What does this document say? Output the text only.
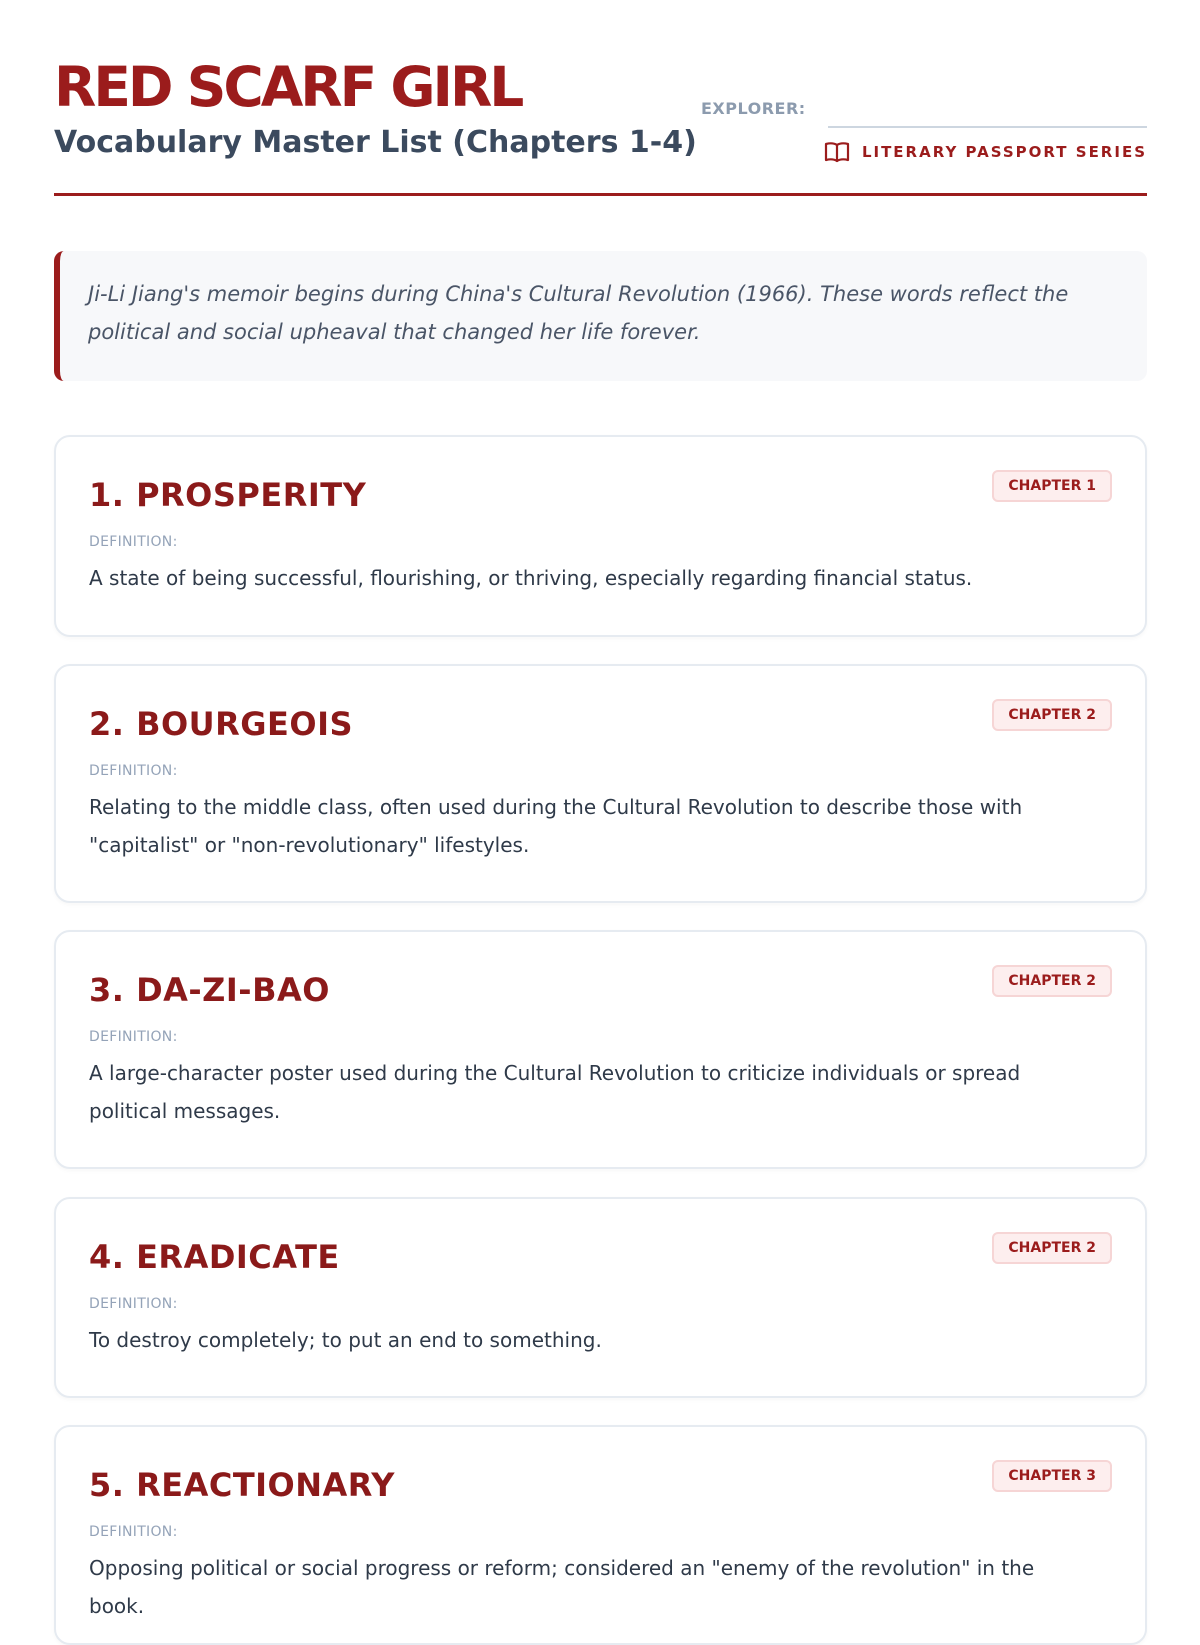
RED SCARF GIRL
Vocabulary Master List (Chapters 1-4)
EXPLORER:
LITERARY PASSPORT SERIES

Ji-Li Jiang's memoir begins during China's Cultural Revolution (1966). These words reflect the political and social upheaval that changed her life forever.

1. PROSPERITY	CHAPTER 1
DEFINITION:

A state of being successful, flourishing, or thriving, especially regarding financial status.

2. BOURGEOIS	CHAPTER 2
DEFINITION:

Relating to the middle class, often used during the Cultural Revolution to describe those with "capitalist" or "non-revolutionary" lifestyles.

3. DA-ZI-BAO	CHAPTER 2
DEFINITION:

A large-character poster used during the Cultural Revolution to criticize individuals or spread political messages.

4. ERADICATE	CHAPTER 2
DEFINITION:

To destroy completely; to put an end to something.

5. REACTIONARY	CHAPTER 3
DEFINITION:

Opposing political or social progress or reform; considered an "enemy of the revolution" in the book.
